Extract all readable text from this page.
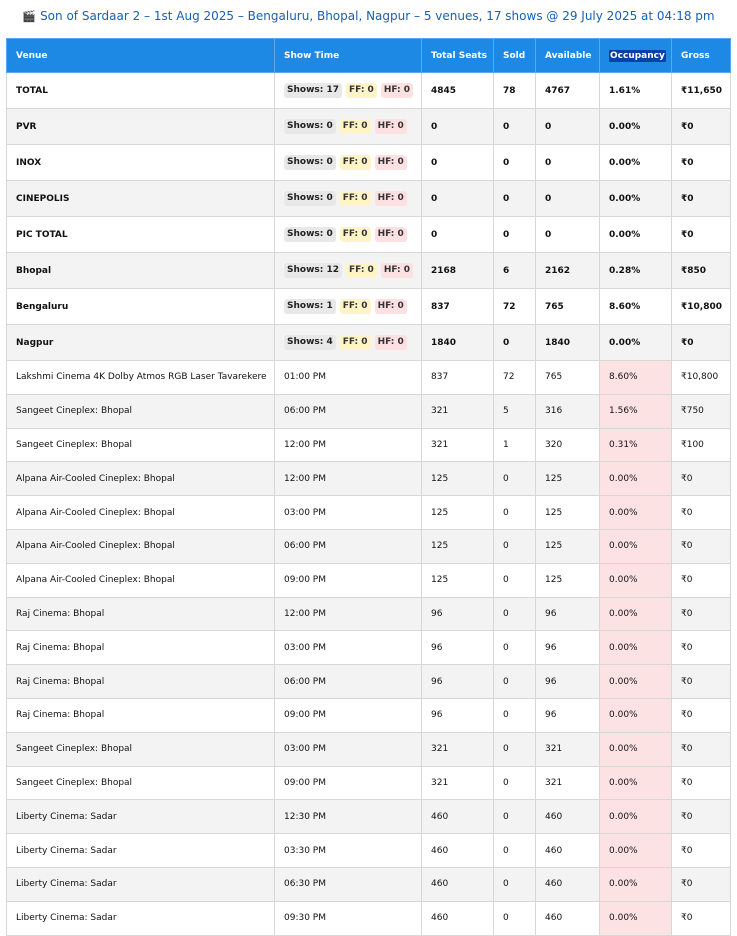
🎬 Son of Sardaar 2 – 1st Aug 2025 – Bengaluru, Bhopal, Nagpur – 5 venues, 17 shows @ 29 July 2025 at 04:18 pm
Venue	Show Time	Total Seats	Sold	Available	Occupancy	Gross
TOTAL	Shows: 17 FF: 0 HF: 0	4845	78	4767	1.61%	₹11,650
PVR	Shows: 0 FF: 0 HF: 0	0	0	0	0.00%	₹0
INOX	Shows: 0 FF: 0 HF: 0	0	0	0	0.00%	₹0
CINEPOLIS	Shows: 0 FF: 0 HF: 0	0	0	0	0.00%	₹0
PIC TOTAL	Shows: 0 FF: 0 HF: 0	0	0	0	0.00%	₹0
Bhopal	Shows: 12 FF: 0 HF: 0	2168	6	2162	0.28%	₹850
Bengaluru	Shows: 1 FF: 0 HF: 0	837	72	765	8.60%	₹10,800
Nagpur	Shows: 4 FF: 0 HF: 0	1840	0	1840	0.00%	₹0
Lakshmi Cinema 4K Dolby Atmos RGB Laser Tavarekere	01:00 PM	837	72	765	8.60%	₹10,800
Sangeet Cineplex: Bhopal	06:00 PM	321	5	316	1.56%	₹750
Sangeet Cineplex: Bhopal	12:00 PM	321	1	320	0.31%	₹100
Alpana Air-Cooled Cineplex: Bhopal	12:00 PM	125	0	125	0.00%	₹0
Alpana Air-Cooled Cineplex: Bhopal	03:00 PM	125	0	125	0.00%	₹0
Alpana Air-Cooled Cineplex: Bhopal	06:00 PM	125	0	125	0.00%	₹0
Alpana Air-Cooled Cineplex: Bhopal	09:00 PM	125	0	125	0.00%	₹0
Raj Cinema: Bhopal	12:00 PM	96	0	96	0.00%	₹0
Raj Cinema: Bhopal	03:00 PM	96	0	96	0.00%	₹0
Raj Cinema: Bhopal	06:00 PM	96	0	96	0.00%	₹0
Raj Cinema: Bhopal	09:00 PM	96	0	96	0.00%	₹0
Sangeet Cineplex: Bhopal	03:00 PM	321	0	321	0.00%	₹0
Sangeet Cineplex: Bhopal	09:00 PM	321	0	321	0.00%	₹0
Liberty Cinema: Sadar	12:30 PM	460	0	460	0.00%	₹0
Liberty Cinema: Sadar	03:30 PM	460	0	460	0.00%	₹0
Liberty Cinema: Sadar	06:30 PM	460	0	460	0.00%	₹0
Liberty Cinema: Sadar	09:30 PM	460	0	460	0.00%	₹0
